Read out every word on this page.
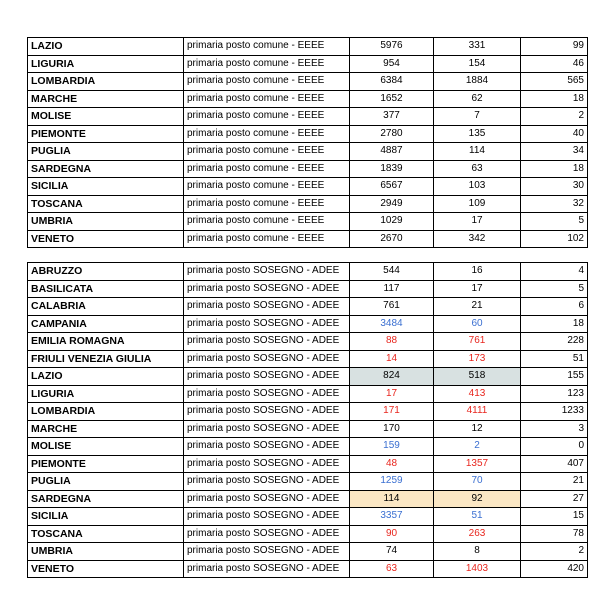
LAZIO	primaria posto comune - EEEE	5976	331	99
LIGURIA	primaria posto comune - EEEE	954	154	46
LOMBARDIA	primaria posto comune - EEEE	6384	1884	565
MARCHE	primaria posto comune - EEEE	1652	62	18
MOLISE	primaria posto comune - EEEE	377	7	2
PIEMONTE	primaria posto comune - EEEE	2780	135	40
PUGLIA	primaria posto comune - EEEE	4887	114	34
SARDEGNA	primaria posto comune - EEEE	1839	63	18
SICILIA	primaria posto comune - EEEE	6567	103	30
TOSCANA	primaria posto comune - EEEE	2949	109	32
UMBRIA	primaria posto comune - EEEE	1029	17	5
VENETO	primaria posto comune - EEEE	2670	342	102

ABRUZZO	primaria posto SOSEGNO - ADEE	544	16	4
BASILICATA	primaria posto SOSEGNO - ADEE	117	17	5
CALABRIA	primaria posto SOSEGNO - ADEE	761	21	6
CAMPANIA	primaria posto SOSEGNO - ADEE	3484	60	18
EMILIA ROMAGNA	primaria posto SOSEGNO - ADEE	88	761	228
FRIULI VENEZIA GIULIA	primaria posto SOSEGNO - ADEE	14	173	51
LAZIO	primaria posto SOSEGNO - ADEE	824	518	155
LIGURIA	primaria posto SOSEGNO - ADEE	17	413	123
LOMBARDIA	primaria posto SOSEGNO - ADEE	171	4111	1233
MARCHE	primaria posto SOSEGNO - ADEE	170	12	3
MOLISE	primaria posto SOSEGNO - ADEE	159	2	0
PIEMONTE	primaria posto SOSEGNO - ADEE	48	1357	407
PUGLIA	primaria posto SOSEGNO - ADEE	1259	70	21
SARDEGNA	primaria posto SOSEGNO - ADEE	114	92	27
SICILIA	primaria posto SOSEGNO - ADEE	3357	51	15
TOSCANA	primaria posto SOSEGNO - ADEE	90	263	78
UMBRIA	primaria posto SOSEGNO - ADEE	74	8	2
VENETO	primaria posto SOSEGNO - ADEE	63	1403	420
